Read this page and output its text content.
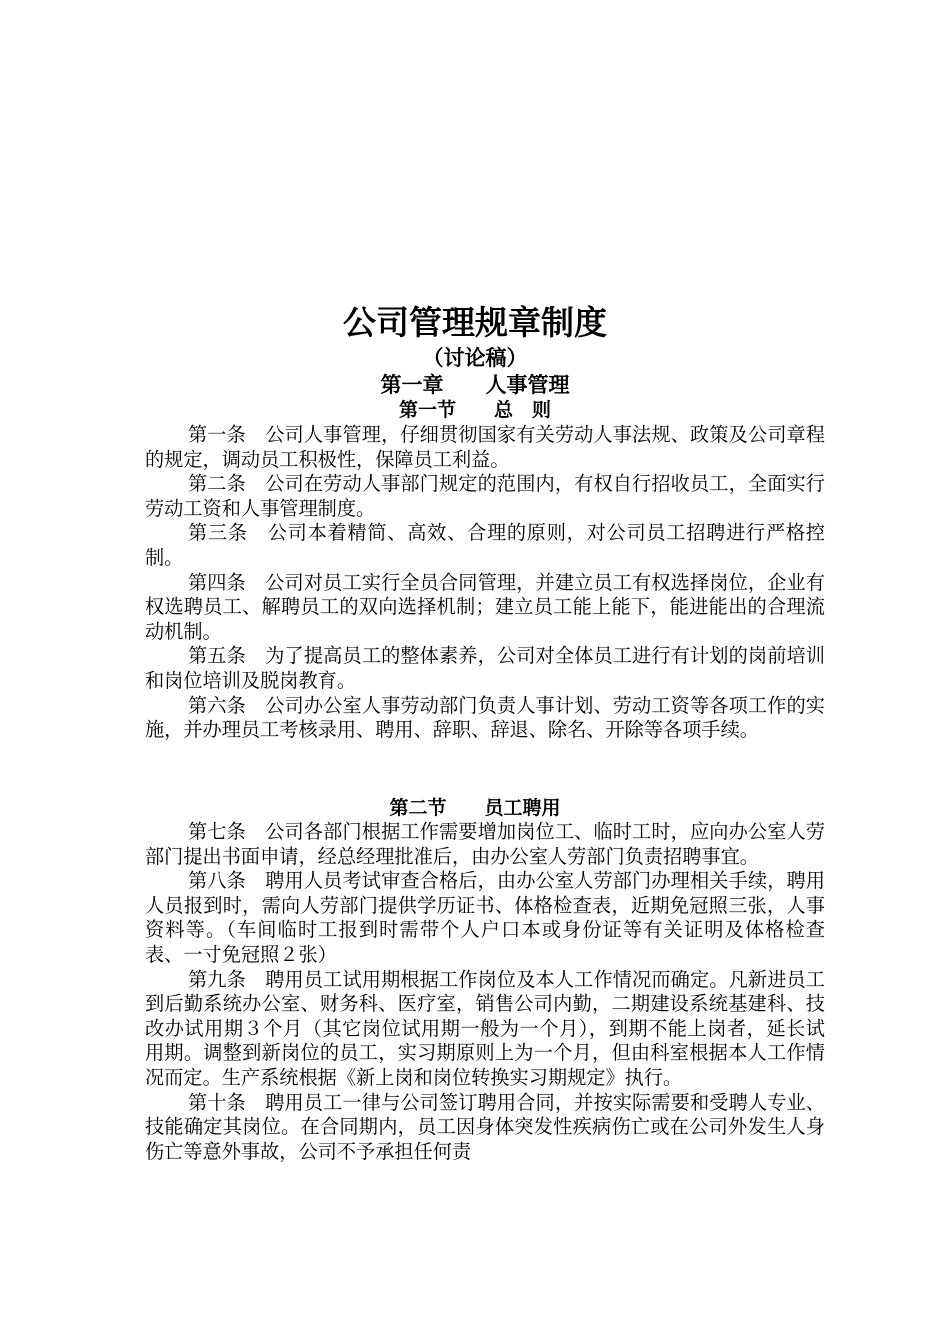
公司管理规章制度
（讨论稿）
第一章　　人事管理
第一节　　总　则

第一条　公司人事管理，仔细贯彻国家有关劳动人事法规、政策及公司章程的规定，调动员工积极性，保障员工利益。

第二条　公司在劳动人事部门规定的范围内，有权自行招收员工，全面实行劳动工资和人事管理制度。

第三条　公司本着精简、高效、合理的原则，对公司员工招聘进行严格控制。

第四条　公司对员工实行全员合同管理，并建立员工有权选择岗位，企业有权选聘员工、解聘员工的双向选择机制；建立员工能上能下，能进能出的合理流动机制。

第五条　为了提高员工的整体素养，公司对全体员工进行有计划的岗前培训和岗位培训及脱岗教育。

第六条　公司办公室人事劳动部门负责人事计划、劳动工资等各项工作的实施，并办理员工考核录用、聘用、辞职、辞退、除名、开除等各项手续。

第二节　　员工聘用

第七条　公司各部门根据工作需要增加岗位工、临时工时，应向办公室人劳部门提出书面申请，经总经理批准后，由办公室人劳部门负责招聘事宜。

第八条　聘用人员考试审查合格后，由办公室人劳部门办理相关手续，聘用人员报到时，需向人劳部门提供学历证书、体格检查表，近期免冠照三张，人事资料等。（车间临时工报到时需带个人户口本或身份证等有关证明及体格检查表、一寸免冠照２张）

第九条　聘用员工试用期根据工作岗位及本人工作情况而确定。凡新进员工到后勤系统办公室、财务科、医疗室，销售公司内勤，二期建设系统基建科、技改办试用期３个月（其它岗位试用期一般为一个月），到期不能上岗者，延长试用期。调整到新岗位的员工，实习期原则上为一个月，但由科室根据本人工作情况而定。生产系统根据《新上岗和岗位转换实习期规定》执行。

第十条　聘用员工一律与公司签订聘用合同，并按实际需要和受聘人专业、技能确定其岗位。在合同期内，员工因身体突发性疾病伤亡或在公司外发生人身伤亡等意外事故，公司不予承担任何责
